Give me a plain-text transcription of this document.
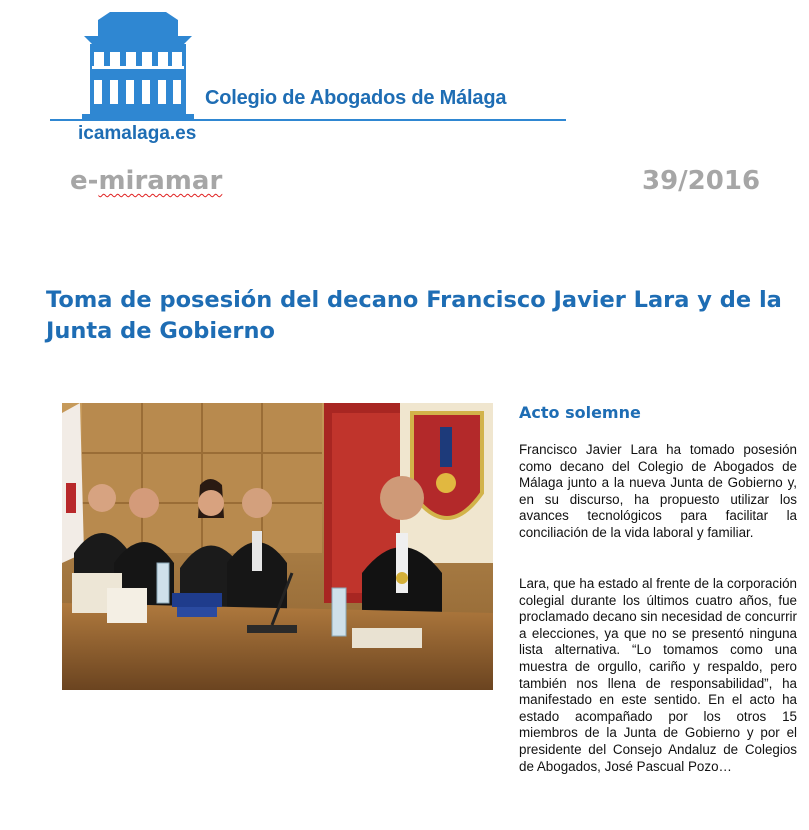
Colegio de Abogados de Málaga
icamalaga.es
e-miramar	39/2016
Toma de posesión del decano Francisco Javier Lara y de la Junta de Gobierno
Acto solemne
Francisco Javier Lara ha tomado posesión como decano del Colegio de Abogados de Málaga junto a la nueva Junta de Gobierno y, en su discurso, ha propuesto utilizar los avances tecnológicos para facilitar la conciliación de la vida laboral y familiar.
Lara, que ha estado al frente de la corporación colegial durante los últimos cuatro años, fue proclamado decano sin necesidad de concurrir a elecciones, ya que no se presentó ninguna lista alternativa. “Lo tomamos como una muestra de orgullo, cariño y respaldo, pero también nos llena de responsabilidad”, ha manifestado en este sentido. En el acto ha estado acompañado por los otros 15 miembros de la Junta de Gobierno y por el presidente del Consejo Andaluz de Colegios de Abogados, José Pascual Pozo…
